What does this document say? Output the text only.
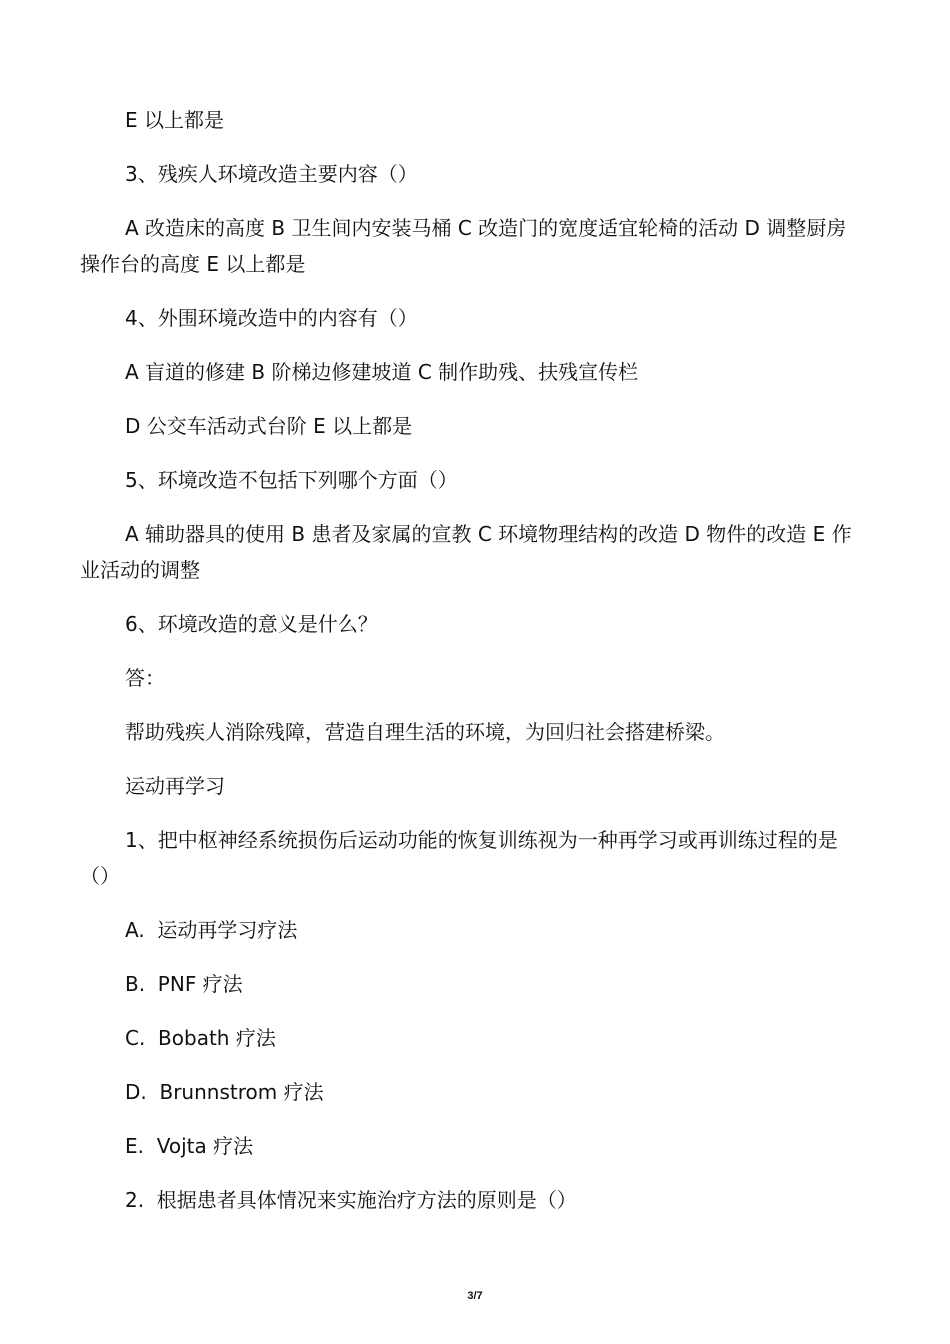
E 以上都是

3、残疾人环境改造主要内容（）

A 改造床的高度 B 卫生间内安装马桶 C 改造门的宽度适宜轮椅的活动 D 调整厨房操作台的高度 E 以上都是

4、外围环境改造中的内容有（）

A 盲道的修建 B 阶梯边修建坡道 C 制作助残、扶残宣传栏

D 公交车活动式台阶 E 以上都是

5、环境改造不包括下列哪个方面（）

A 辅助器具的使用 B 患者及家属的宣教 C 环境物理结构的改造 D 物件的改造 E 作业活动的调整

6、环境改造的意义是什么？

答：

帮助残疾人消除残障，营造自理生活的环境，为回归社会搭建桥梁。

运动再学习

1、把中枢神经系统损伤后运动功能的恢复训练视为一种再学习或再训练过程的是（）

A.  运动再学习疗法

B.  PNF 疗法

C.  Bobath 疗法

D.  Brunnstrom 疗法

E.  Vojta 疗法

2.  根据患者具体情况来实施治疗方法的原则是（）

3/7
